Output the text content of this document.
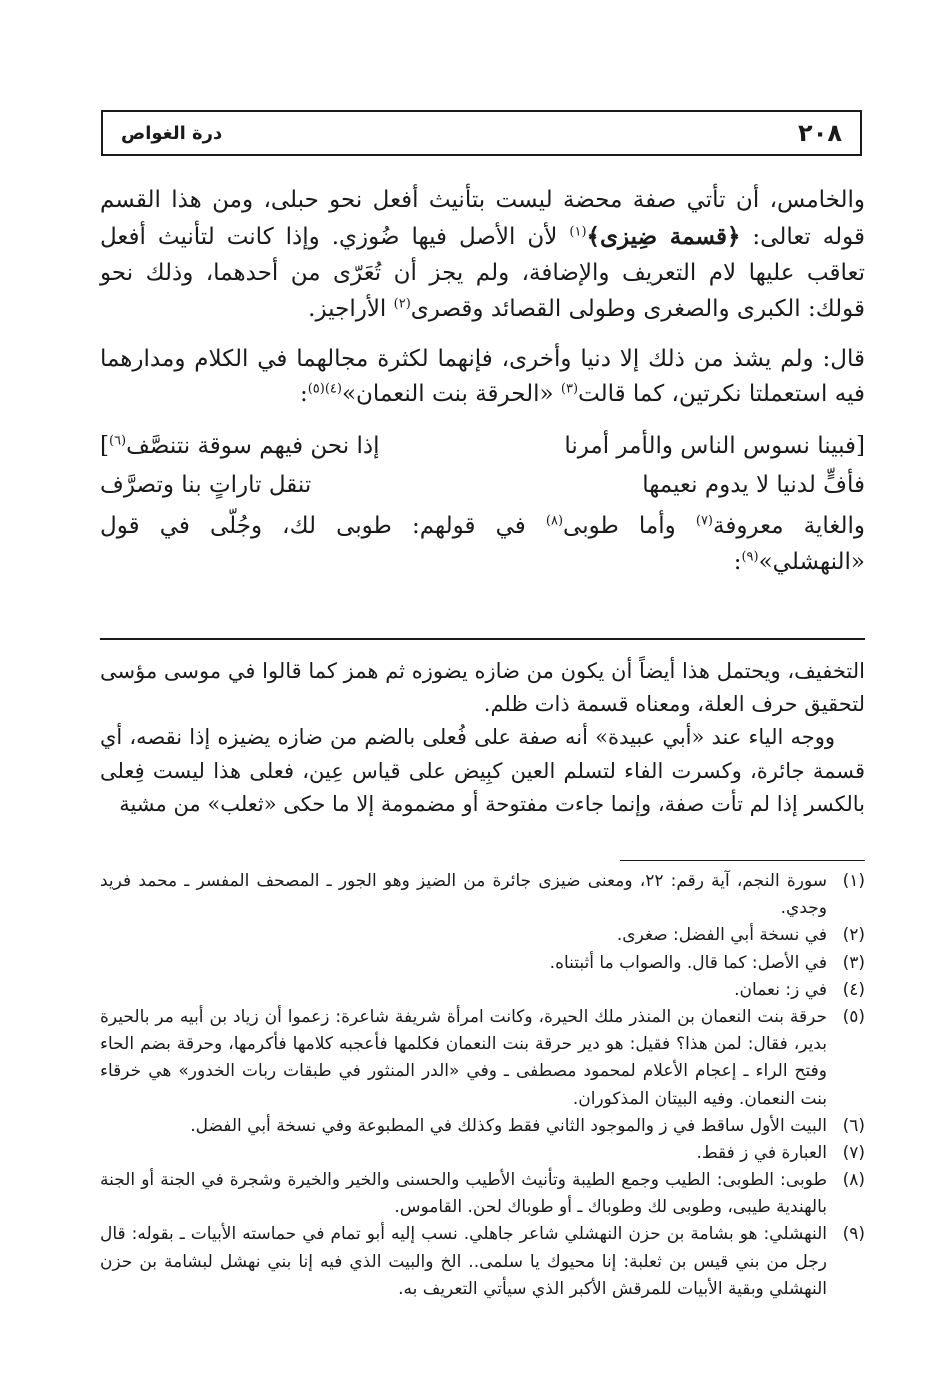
٢٠٨
درة الغواص

والخامس، أن تأتي صفة محضة ليست بتأنيث أفعل نحو حبلى، ومن هذا القسم قوله تعالى: ﴿قسمة ضِيزى﴾$^{(١)}$ لأن الأصل فيها ضُوزي. وإذا كانت لتأنيث أفعل تعاقب عليها لام التعريف والإضافة، ولم يجز أن تُعَرّى من أحدهما، وذلك نحو قولك: الكبرى والصغرى وطولى القصائد وقصرى$^{(٢)}$ الأراجيز.

قال: ولم يشذ من ذلك إلا دنيا وأخرى، فإنهما لكثرة مجالهما في الكلام ومدارهما فيه استعملتا نكرتين، كما قالت$^{(٣)}$ «الحرقة بنت النعمان»$^{(٤)(٥)}$:

[فبينا نسوس الناس والأمر أمرنا
إذا نحن فيهم سوقة نتنصَّف$^{(٦)}$]
فأفٍّ لدنيا لا يدوم نعيمها
تنقل تاراتٍ بنا وتصرَّف

والغاية معروفة$^{(٧)}$ وأما طوبى$^{(٨)}$ في قولهم: طوبى لك، وجُلّى في قول «النهشلي»$^{(٩)}$:

التخفيف، ويحتمل هذا أيضاً أن يكون من ضازه يضوزه ثم همز كما قالوا في موسى مؤسى لتحقيق حرف العلة، ومعناه قسمة ذات ظلم.

ووجه الياء عند «أبي عبيدة» أنه صفة على فُعلى بالضم من ضازه يضيزه إذا نقصه، أي قسمة جائرة، وكسرت الفاء لتسلم العين كبِيض على قياس عِين، فعلى هذا ليست فِعلى بالكسر إذا لم تأت صفة، وإنما جاءت مفتوحة أو مضمومة إلا ما حكى «ثعلب» من مشية

(١)
سورة النجم، آية رقم: ٢٢، ومعنى ضيزى جائرة من الضيز وهو الجور ـ المصحف المفسر ـ محمد فريد وجدي.
(٢)
في نسخة أبي الفضل: صغرى.
(٣)
في الأصل: كما قال. والصواب ما أثبتناه.
(٤)
في ز: نعمان.
(٥)
حرقة بنت النعمان بن المنذر ملك الحيرة، وكانت امرأة شريفة شاعرة: زعموا أن زياد بن أبيه مر بالحيرة بدير، فقال: لمن هذا؟ فقيل: هو دير حرقة بنت النعمان فكلمها فأعجبه كلامها فأكرمها، وحرقة بضم الحاء وفتح الراء ـ إعجام الأعلام لمحمود مصطفى ـ وفي «الدر المنثور في طبقات ربات الخدور» هي خرقاء بنت النعمان. وفيه البيتان المذكوران.
(٦)
البيت الأول ساقط في ز والموجود الثاني فقط وكذلك في المطبوعة وفي نسخة أبي الفضل.
(٧)
العبارة في ز فقط.
(٨)
طوبى: الطوبى: الطيب وجمع الطيبة وتأنيث الأطيب والحسنى والخير والخيرة وشجرة في الجنة أو الجنة بالهندية طيبى، وطوبى لك وطوباك ـ أو طوباك لحن. القاموس.
(٩)
النهشلي: هو بشامة بن حزن النهشلي شاعر جاهلي. نسب إليه أبو تمام في حماسته الأبيات ـ بقوله: قال رجل من بني قيس بن ثعلبة: إنا محيوك يا سلمى.. الخ والبيت الذي فيه إنا بني نهشل لبشامة بن حزن النهشلي وبقية الأبيات للمرقش الأكبر الذي سيأتي التعريف به.
